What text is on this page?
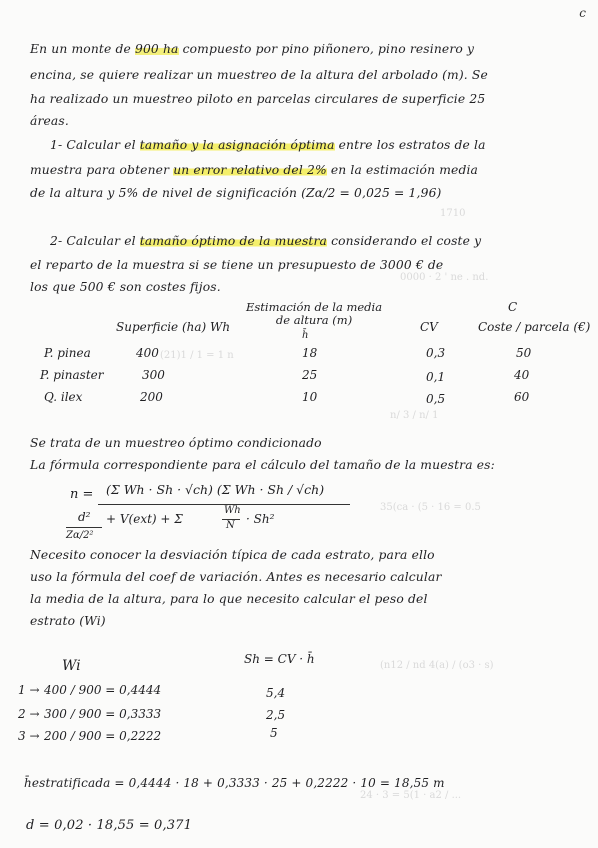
1710
0000 · 2 ' ne . nd.
(21)1 / 1 = 1 n
n/ 3 / n/ 1
35(ca · (5 · 16 = 0.5
(n12 / nd 4(a) / (o3 · s)
24 · 3 = 5(1 · a2 / ...
c
En un monte de 900 ha compuesto por pino piñonero, pino resinero y
encina, se quiere realizar un muestreo de la altura del arbolado (m). Se
ha realizado un muestreo piloto en parcelas circulares de superficie 25
áreas.
1- Calcular el tamaño y la asignación óptima entre los estratos de la
muestra para obtener un error relativo del 2% en la estimación media
de la altura y 5% de nivel de significación (Zα/2 = 0,025 = 1,96)
2- Calcular el tamaño óptimo de la muestra considerando el coste y
el reparto de la muestra si se tiene un presupuesto de 3000 € de
los que 500 € son costes fijos.
Estimación de la media
de altura (m)
h̄
C
Superficie (ha) Wh	CV	Coste / parcela (€)
P. pinea	400	18	0,3	50
P. pinaster	300	25	0,1	40
Q. ilex	200	10	0,5	60
Se trata de un muestreo óptimo condicionado
La fórmula correspondiente para el cálculo del tamaño de la muestra es:
n = (Σ Wh · Sh · √ch) (Σ Wh · Sh / √ch)
d²
Zα/2²
+ V(ext) + Σ
Wh
N · Sh²
Necesito conocer la desviación típica de cada estrato, para ello
uso la fórmula del coef de variación. Antes es necesario calcular
la media de la altura, para lo que necesito calcular el peso del
estrato (Wi)
Wi	Sh = CV · h̄
1 → 400 / 900 = 0,4444	5,4
2 → 300 / 900 = 0,3333	2,5
3 → 200 / 900 = 0,2222	5
h̄estratificada = 0,4444 · 18 + 0,3333 · 25 + 0,2222 · 10 = 18,55 m
d = 0,02 · 18,55 = 0,371
